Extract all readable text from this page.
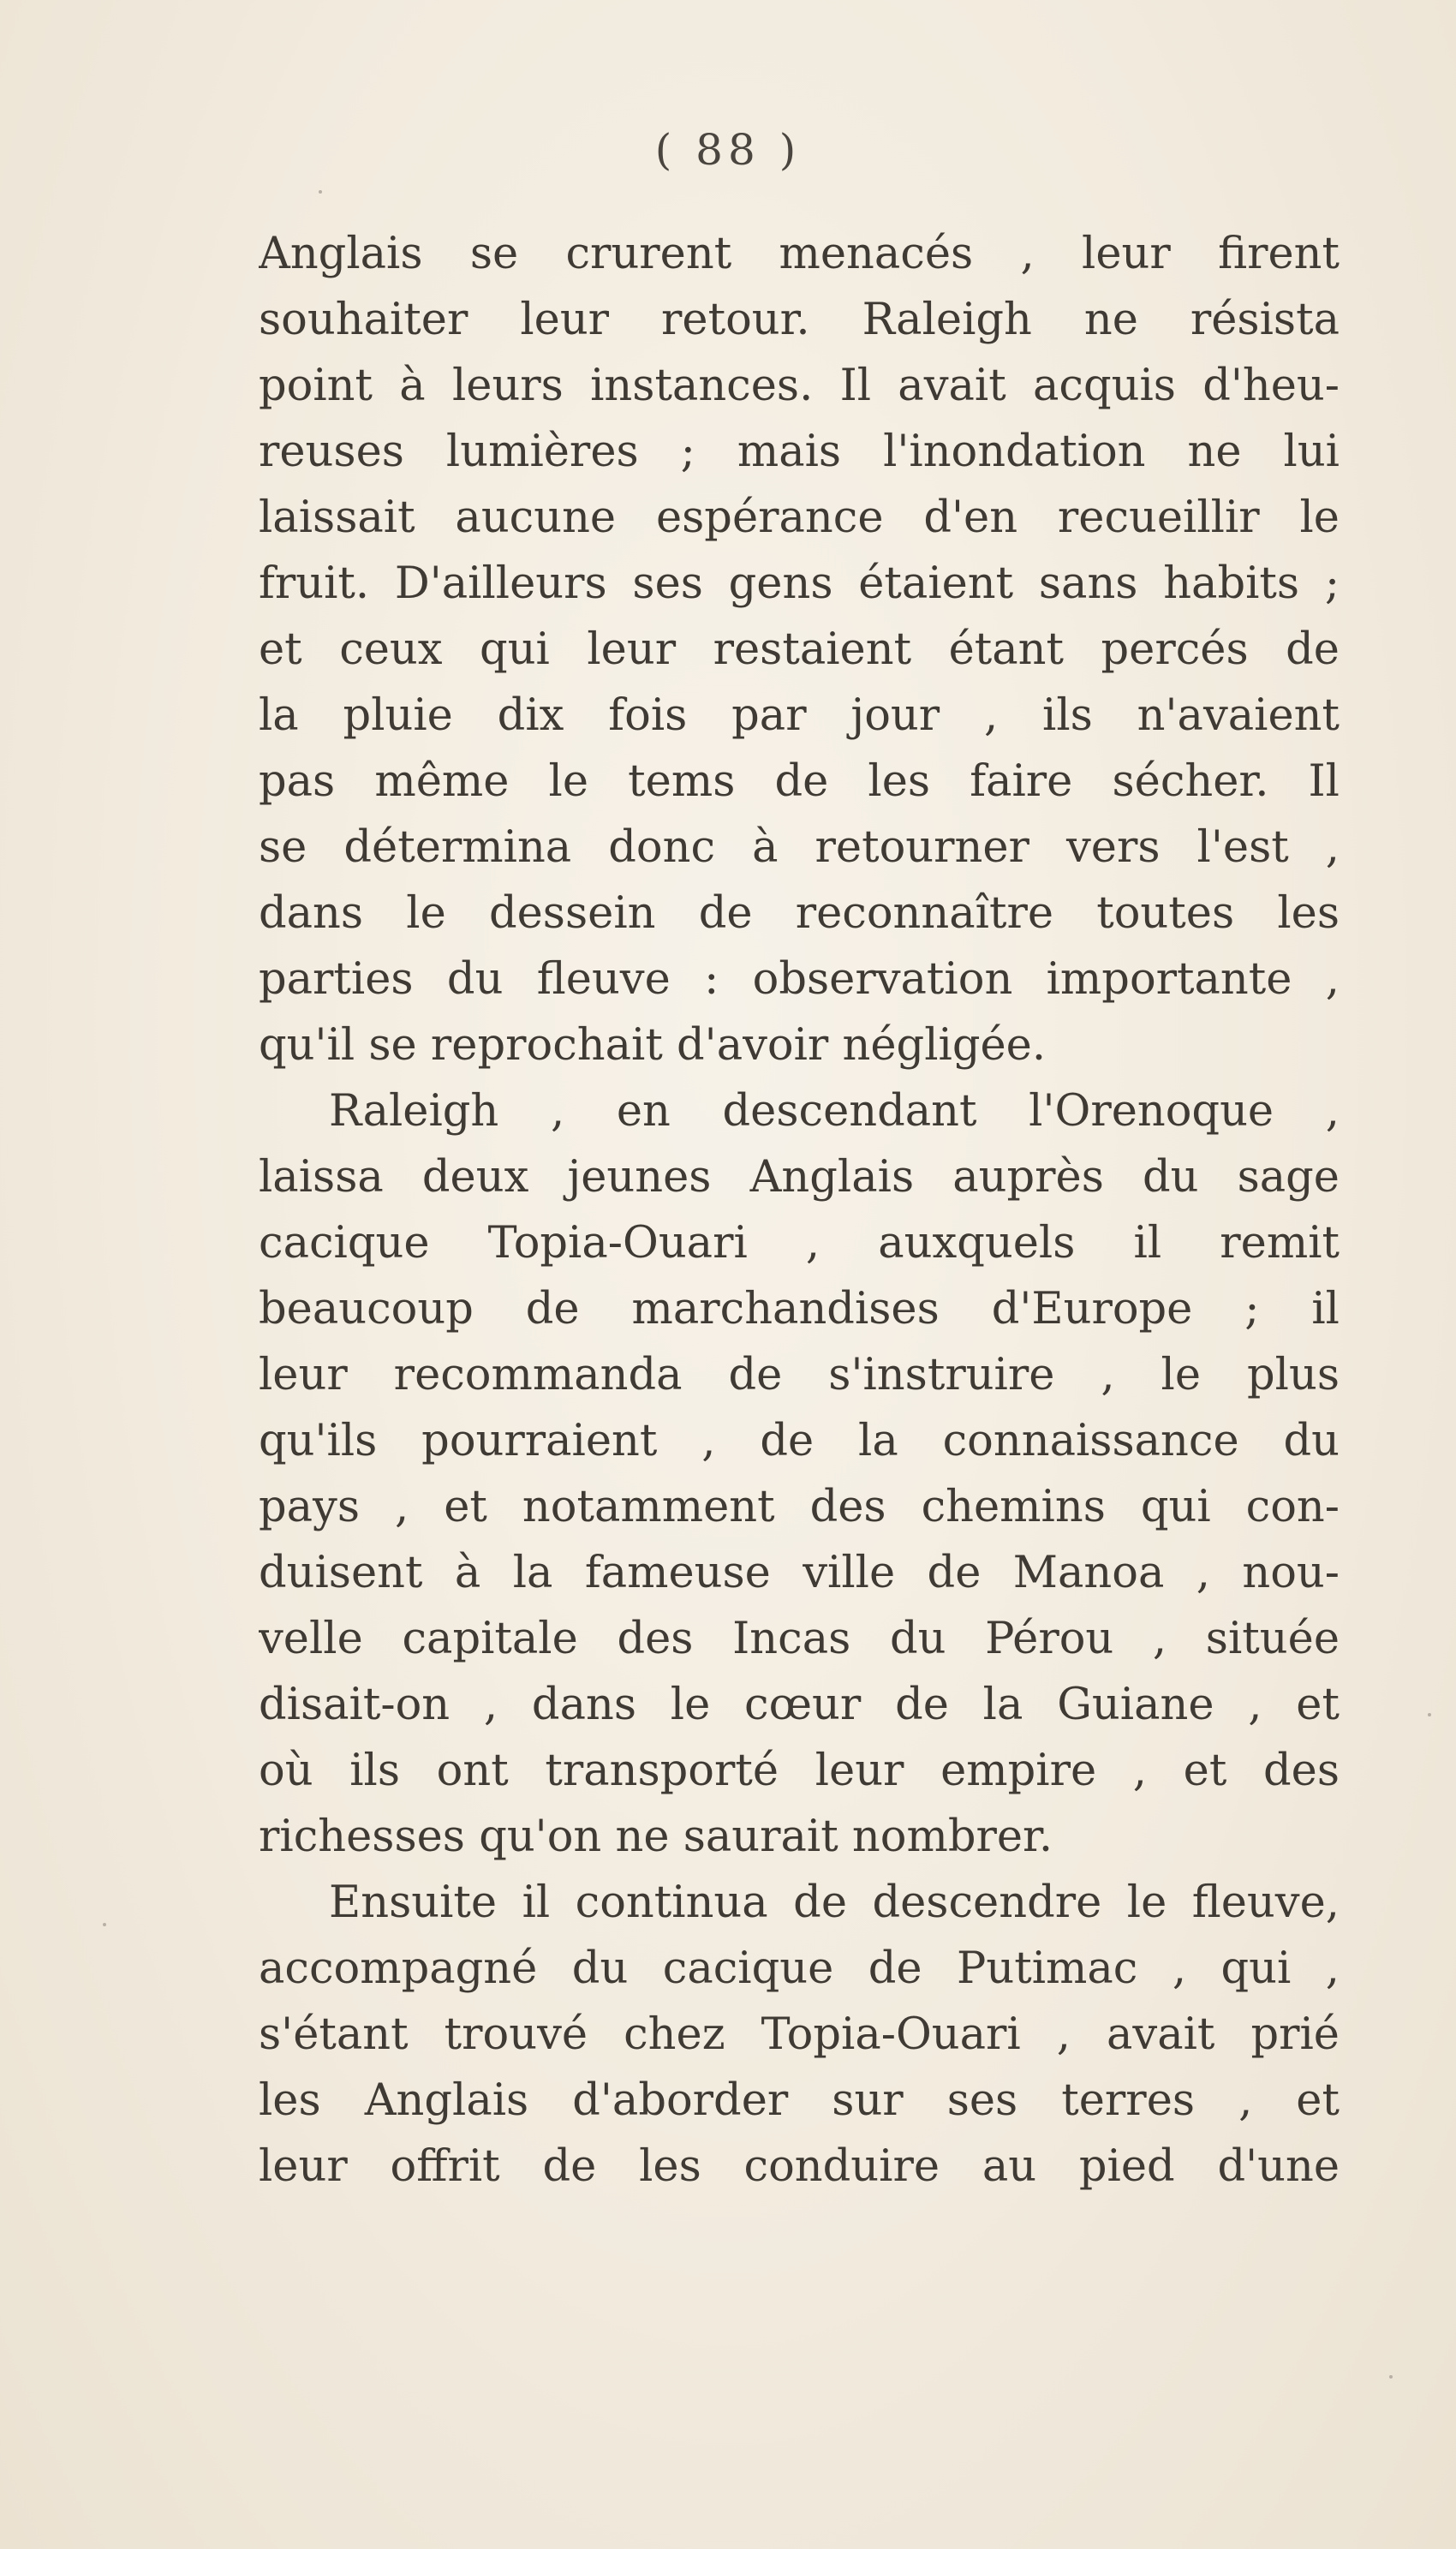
( 88 )
Anglais se crurent menacés , leur firent
souhaiter leur retour. Raleigh ne résista
point à leurs instances. Il avait acquis d'heu-
reuses lumières ; mais l'inondation ne lui
laissait aucune espérance d'en recueillir le
fruit. D'ailleurs ses gens étaient sans habits ;
et ceux qui leur restaient étant percés de
la pluie dix fois par jour , ils n'avaient
pas même le tems de les faire sécher. Il
se détermina donc à retourner vers l'est ,
dans le dessein de reconnaître toutes les
parties du fleuve : observation importante ,
qu'il se reprochait d'avoir négligée.
Raleigh , en descendant l'Orenoque ,
laissa deux jeunes Anglais auprès du sage
cacique Topia-Ouari , auxquels il remit
beaucoup de marchandises d'Europe ; il
leur recommanda de s'instruire , le plus
qu'ils pourraient , de la connaissance du
pays , et notamment des chemins qui con-
duisent à la fameuse ville de Manoa , nou-
velle capitale des Incas du Pérou , située
disait-on , dans le cœur de la Guiane , et
où ils ont transporté leur empire , et des
richesses qu'on ne saurait nombrer.
Ensuite il continua de descendre le fleuve,
accompagné du cacique de Putimac , qui ,
s'étant trouvé chez Topia-Ouari , avait prié
les Anglais d'aborder sur ses terres , et
leur offrit de les conduire au pied d'une
